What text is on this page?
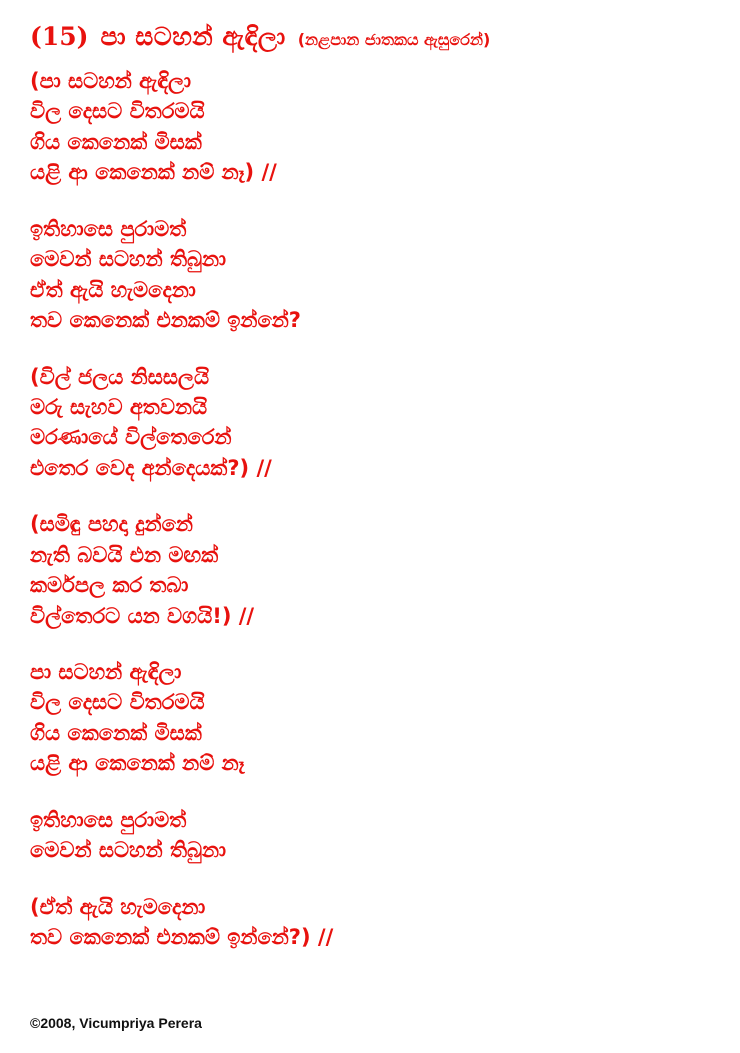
(15) පා සටහන් ඇඳිලා (නළපාන ජාතකය ඇසුරෙන්)
(පා සටහන් ඇඳිලා
විල දෙසට විතරමයි
ගිය කෙනෙක් මිසක්
යළි ආ කෙනෙක් නම් නෑ) //
ඉතිහාසෙ පුරාමත්
මෙවන් සටහන් තිබුනා
ඒත් ඇයි හැමදෙනා
තව කෙනෙක් එනකම් ඉන්නේ?
(විල් ජලය නිසසලයි
මරු සැහව අතවනයි
මරණායේ විල්තෙරෙන්
එතෙර වෙද අන්දෙයක්?) //
(සමිඳු පහදා දුන්නේ
නැති බවයි එන මඟක්
කර්මපල කර තබා
විල්තෙරට යන වගයි!) //
පා සටහන් ඇඳිලා
විල දෙසට විතරමයි
ගිය කෙනෙක් මිසක්
යළි ආ කෙනෙක් නම් නෑ
ඉතිහාසෙ පුරාමත්
මෙවන් සටහන් තිබුනා
(ඒත් ඇයි හැමදෙනා
තව කෙනෙක් එනකම් ඉන්නේ?) //
©2008, Vicumpriya Perera
